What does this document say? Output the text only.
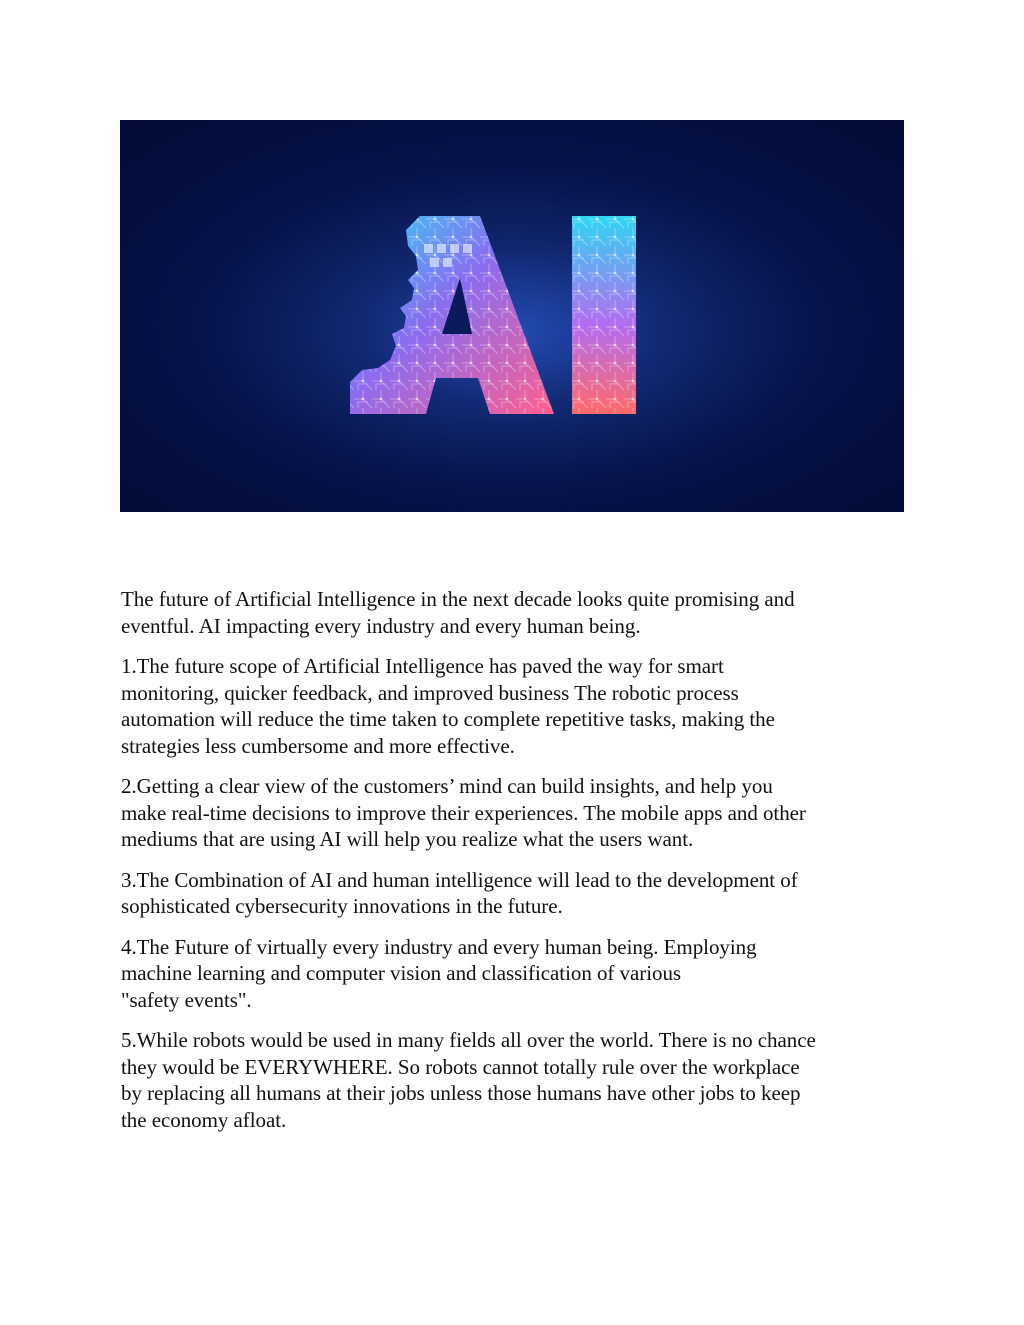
AI

The future of Artificial Intelligence in the next decade looks quite promising and
eventful. AI impacting every industry and every human being.

1.The future scope of Artificial Intelligence has paved the way for smart
monitoring, quicker feedback, and improved business The robotic process
automation will reduce the time taken to complete repetitive tasks, making the
strategies less cumbersome and more effective.

2.Getting a clear view of the customers’ mind can build insights, and help you
make real-time decisions to improve their experiences. The mobile apps and other
mediums that are using AI will help you realize what the users want.

3.The Combination of AI and human intelligence will lead to the development of
sophisticated cybersecurity innovations in the future.

4.The Future of virtually every industry and every human being. Employing
machine learning and computer vision and classification of various
"safety events".

5.While robots would be used in many fields all over the world. There is no chance
they would be EVERYWHERE. So robots cannot totally rule over the workplace
by replacing all humans at their jobs unless those humans have other jobs to keep
the economy afloat.
